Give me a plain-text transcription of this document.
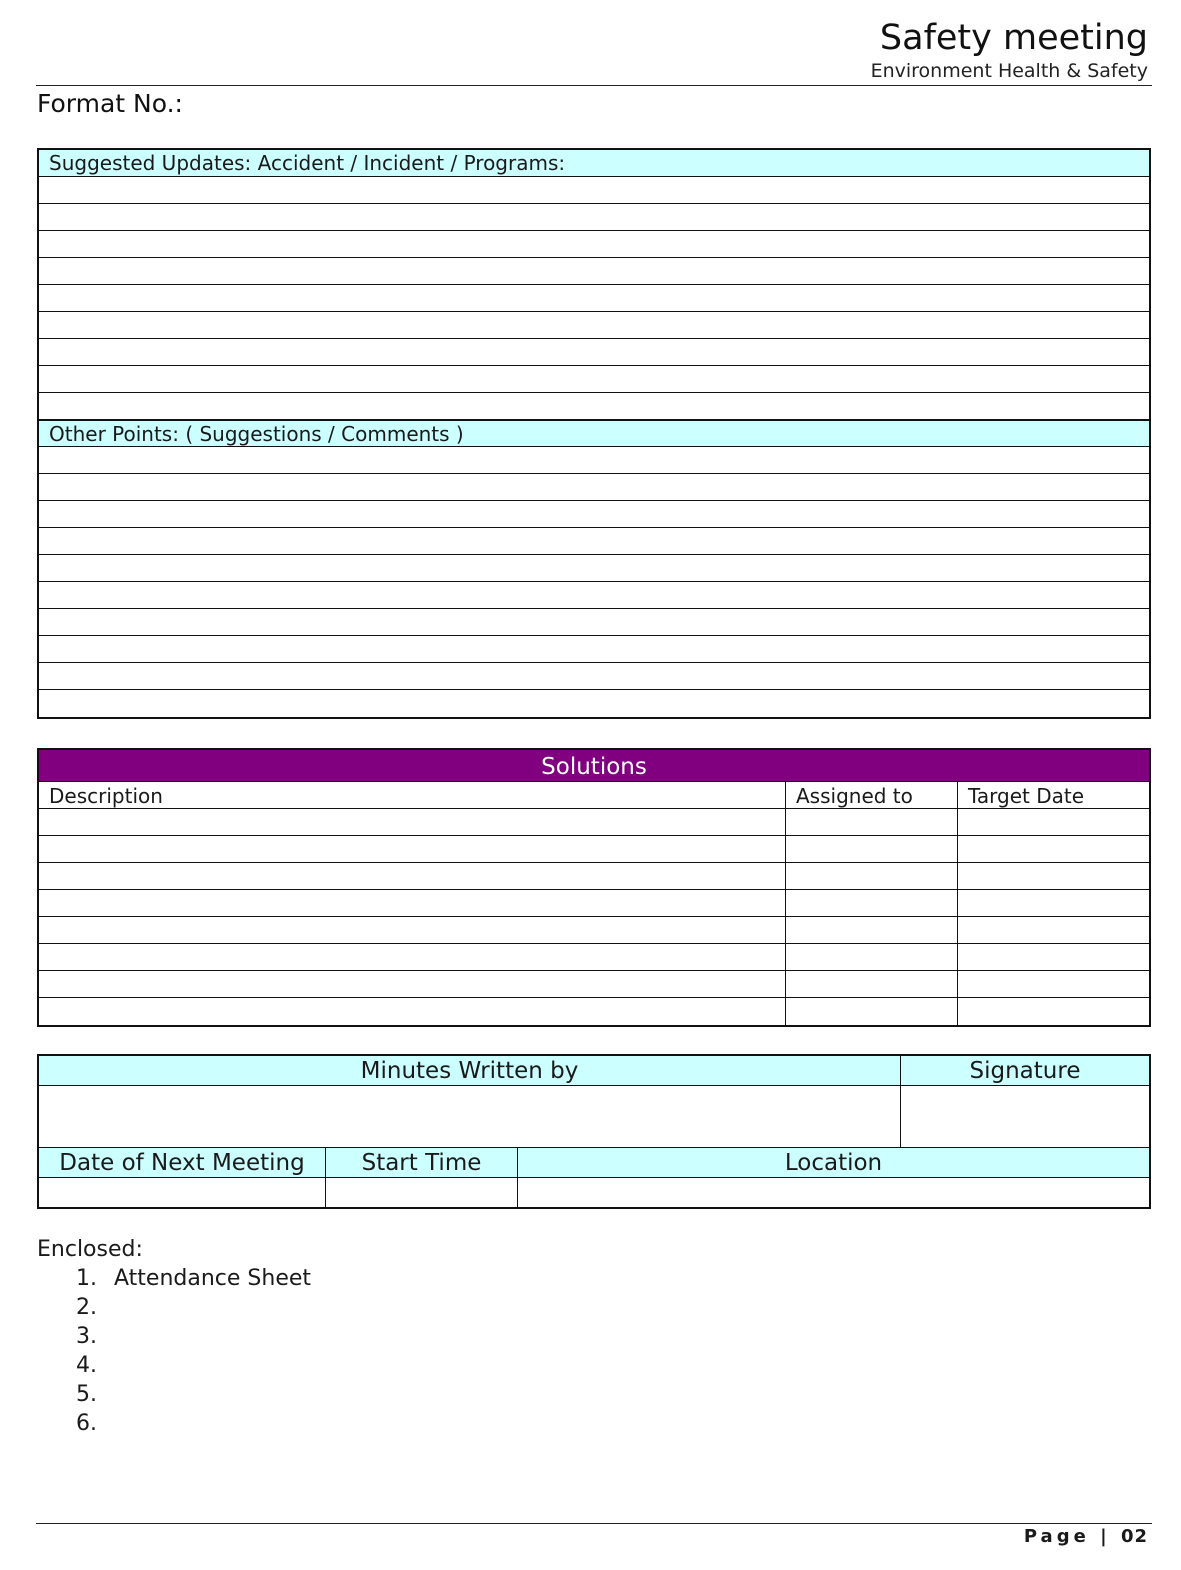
Safety meeting
Environment Health & Safety
Format No.:
Suggested Updates: Accident / Incident / Programs:
Other Points: ( Suggestions / Comments )
Solutions
Description	Assigned to	Target Date
Minutes Written by	Signature
Date of Next Meeting	Start Time	Location
Enclosed:
1. Attendance Sheet
2.
3.
4.
5.
6.
Page | 02
